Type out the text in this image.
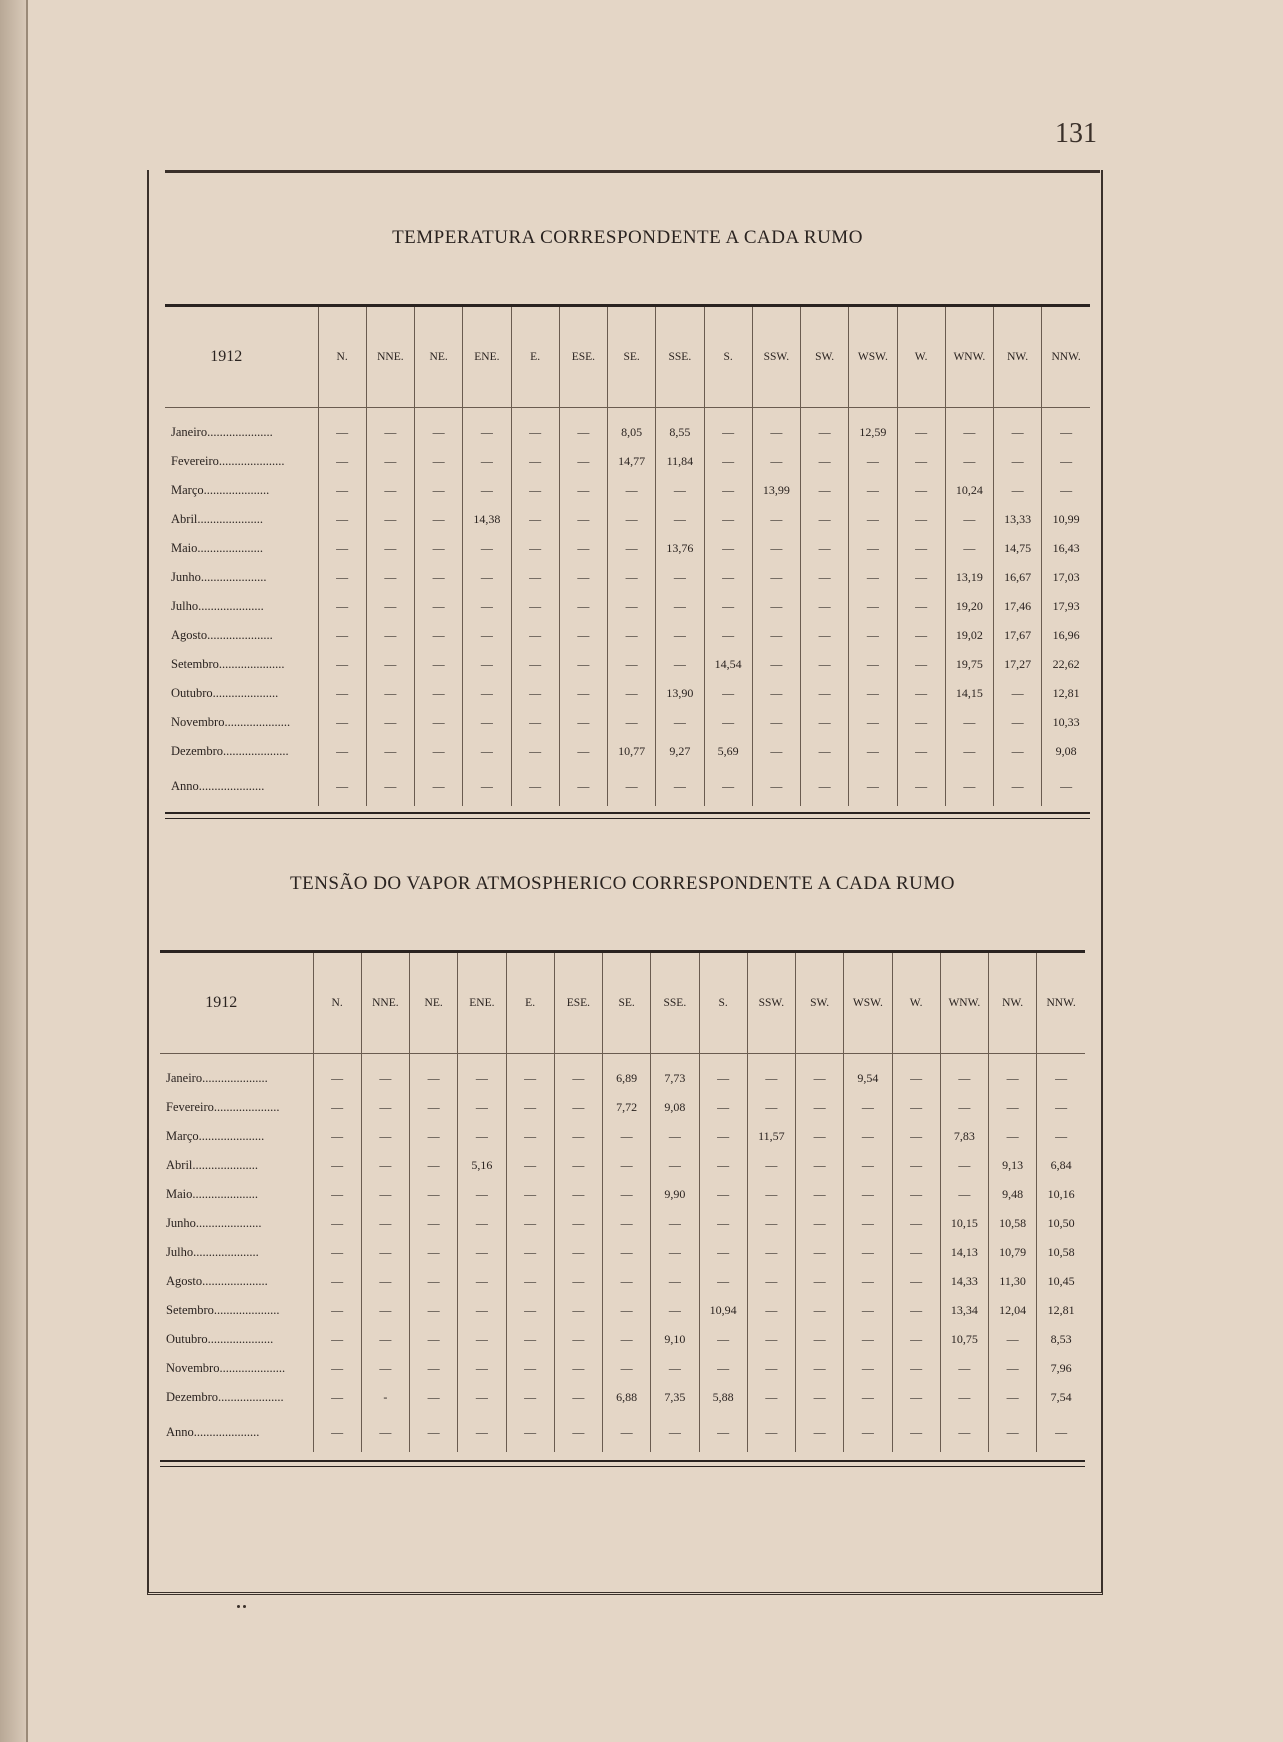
131
TEMPERATURA CORRESPONDENTE A CADA RUMO
1912	N.	NNE.	NE.	ENE.	E.	ESE.	SE.	SSE.	S.	SSW.	SW.	WSW.	W.	WNW.	NW.	NNW.

Janeiro.....................	—	—	—	—	—	—	8,05	8,55	—	—	—	12,59	—	—	—	—
Fevereiro.....................	—	—	—	—	—	—	14,77	11,84	—	—	—	—	—	—	—	—
Março.....................	—	—	—	—	—	—	—	—	—	13,99	—	—	—	10,24	—	—
Abril.....................	—	—	—	14,38	—	—	—	—	—	—	—	—	—	—	13,33	10,99
Maio.....................	—	—	—	—	—	—	—	13,76	—	—	—	—	—	—	14,75	16,43
Junho.....................	—	—	—	—	—	—	—	—	—	—	—	—	—	13,19	16,67	17,03
Julho.....................	—	—	—	—	—	—	—	—	—	—	—	—	—	19,20	17,46	17,93
Agosto.....................	—	—	—	—	—	—	—	—	—	—	—	—	—	19,02	17,67	16,96
Setembro.....................	—	—	—	—	—	—	—	—	14,54	—	—	—	—	19,75	17,27	22,62
Outubro.....................	—	—	—	—	—	—	—	13,90	—	—	—	—	—	14,15	—	12,81
Novembro.....................	—	—	—	—	—	—	—	—	—	—	—	—	—	—	—	10,33
Dezembro.....................	—	—	—	—	—	—	10,77	9,27	5,69	—	—	—	—	—	—	9,08
Anno.....................	—	—	—	—	—	—	—	—	—	—	—	—	—	—	—	—
TENSÃO DO VAPOR ATMOSPHERICO CORRESPONDENTE A CADA RUMO
1912	N.	NNE.	NE.	ENE.	E.	ESE.	SE.	SSE.	S.	SSW.	SW.	WSW.	W.	WNW.	NW.	NNW.

Janeiro.....................	—	—	—	—	—	—	6,89	7,73	—	—	—	9,54	—	—	—	—
Fevereiro.....................	—	—	—	—	—	—	7,72	9,08	—	—	—	—	—	—	—	—
Março.....................	—	—	—	—	—	—	—	—	—	11,57	—	—	—	7,83	—	—
Abril.....................	—	—	—	5,16	—	—	—	—	—	—	—	—	—	—	9,13	6,84
Maio.....................	—	—	—	—	—	—	—	9,90	—	—	—	—	—	—	9,48	10,16
Junho.....................	—	—	—	—	—	—	—	—	—	—	—	—	—	10,15	10,58	10,50
Julho.....................	—	—	—	—	—	—	—	—	—	—	—	—	—	14,13	10,79	10,58
Agosto.....................	—	—	—	—	—	—	—	—	—	—	—	—	—	14,33	11,30	10,45
Setembro.....................	—	—	—	—	—	—	—	—	10,94	—	—	—	—	13,34	12,04	12,81
Outubro.....................	—	—	—	—	—	—	—	9,10	—	—	—	—	—	10,75	—	8,53
Novembro.....................	—	—	—	—	—	—	—	—	—	—	—	—	—	—	—	7,96
Dezembro.....................	—	-	—	—	—	—	6,88	7,35	5,88	—	—	—	—	—	—	7,54
Anno.....................	—	—	—	—	—	—	—	—	—	—	—	—	—	—	—	—
